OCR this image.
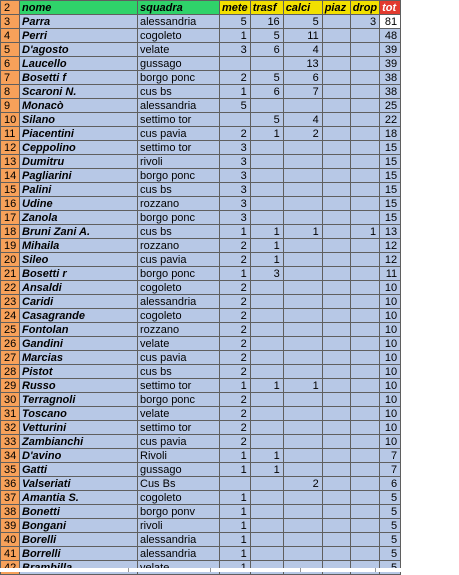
2	nome	squadra	mete	trasf	calci	piaz	drop	tot
3	Parra	alessandria	5	16	5		3	81
4	Perri	cogoleto	1	5	11			48
5	D'agosto	velate	3	6	4			39
6	Laucello	gussago			13			39
7	Bosetti f	borgo ponc	2	5	6			38
8	Scaroni N.	cus bs	1	6	7			38
9	Monacò	alessandria	5					25
10	Silano	settimo tor		5	4			22
11	Piacentini	cus pavia	2	1	2			18
12	Ceppolino	settimo tor	3					15
13	Dumitru	rivoli	3					15
14	Pagliarini	borgo ponc	3					15
15	Palini	cus bs	3					15
16	Udine	rozzano	3					15
17	Zanola	borgo ponc	3					15
18	Bruni Zani A.	cus bs	1	1	1		1	13
19	Mihaila	rozzano	2	1				12
20	Sileo	cus pavia	2	1				12
21	Bosetti r	borgo ponc	1	3				11
22	Ansaldi	cogoleto	2					10
23	Caridi	alessandria	2					10
24	Casagrande	cogoleto	2					10
25	Fontolan	rozzano	2					10
26	Gandini	velate	2					10
27	Marcias	cus pavia	2					10
28	Pistot	cus bs	2					10
29	Russo	settimo tor	1	1	1			10
30	Terragnoli	borgo ponc	2					10
31	Toscano	velate	2					10
32	Vetturini	settimo tor	2					10
33	Zambianchi	cus pavia	2					10
34	D'avino	Rivoli	1	1				7
35	Gatti	gussago	1	1				7
36	Valseriati	Cus Bs			2			6
37	Amantia S.	cogoleto	1					5
38	Bonetti	borgo ponv	1					5
39	Bongani	rivoli	1					5
40	Borelli	alessandria	1					5
41	Borrelli	alessandria	1					5
